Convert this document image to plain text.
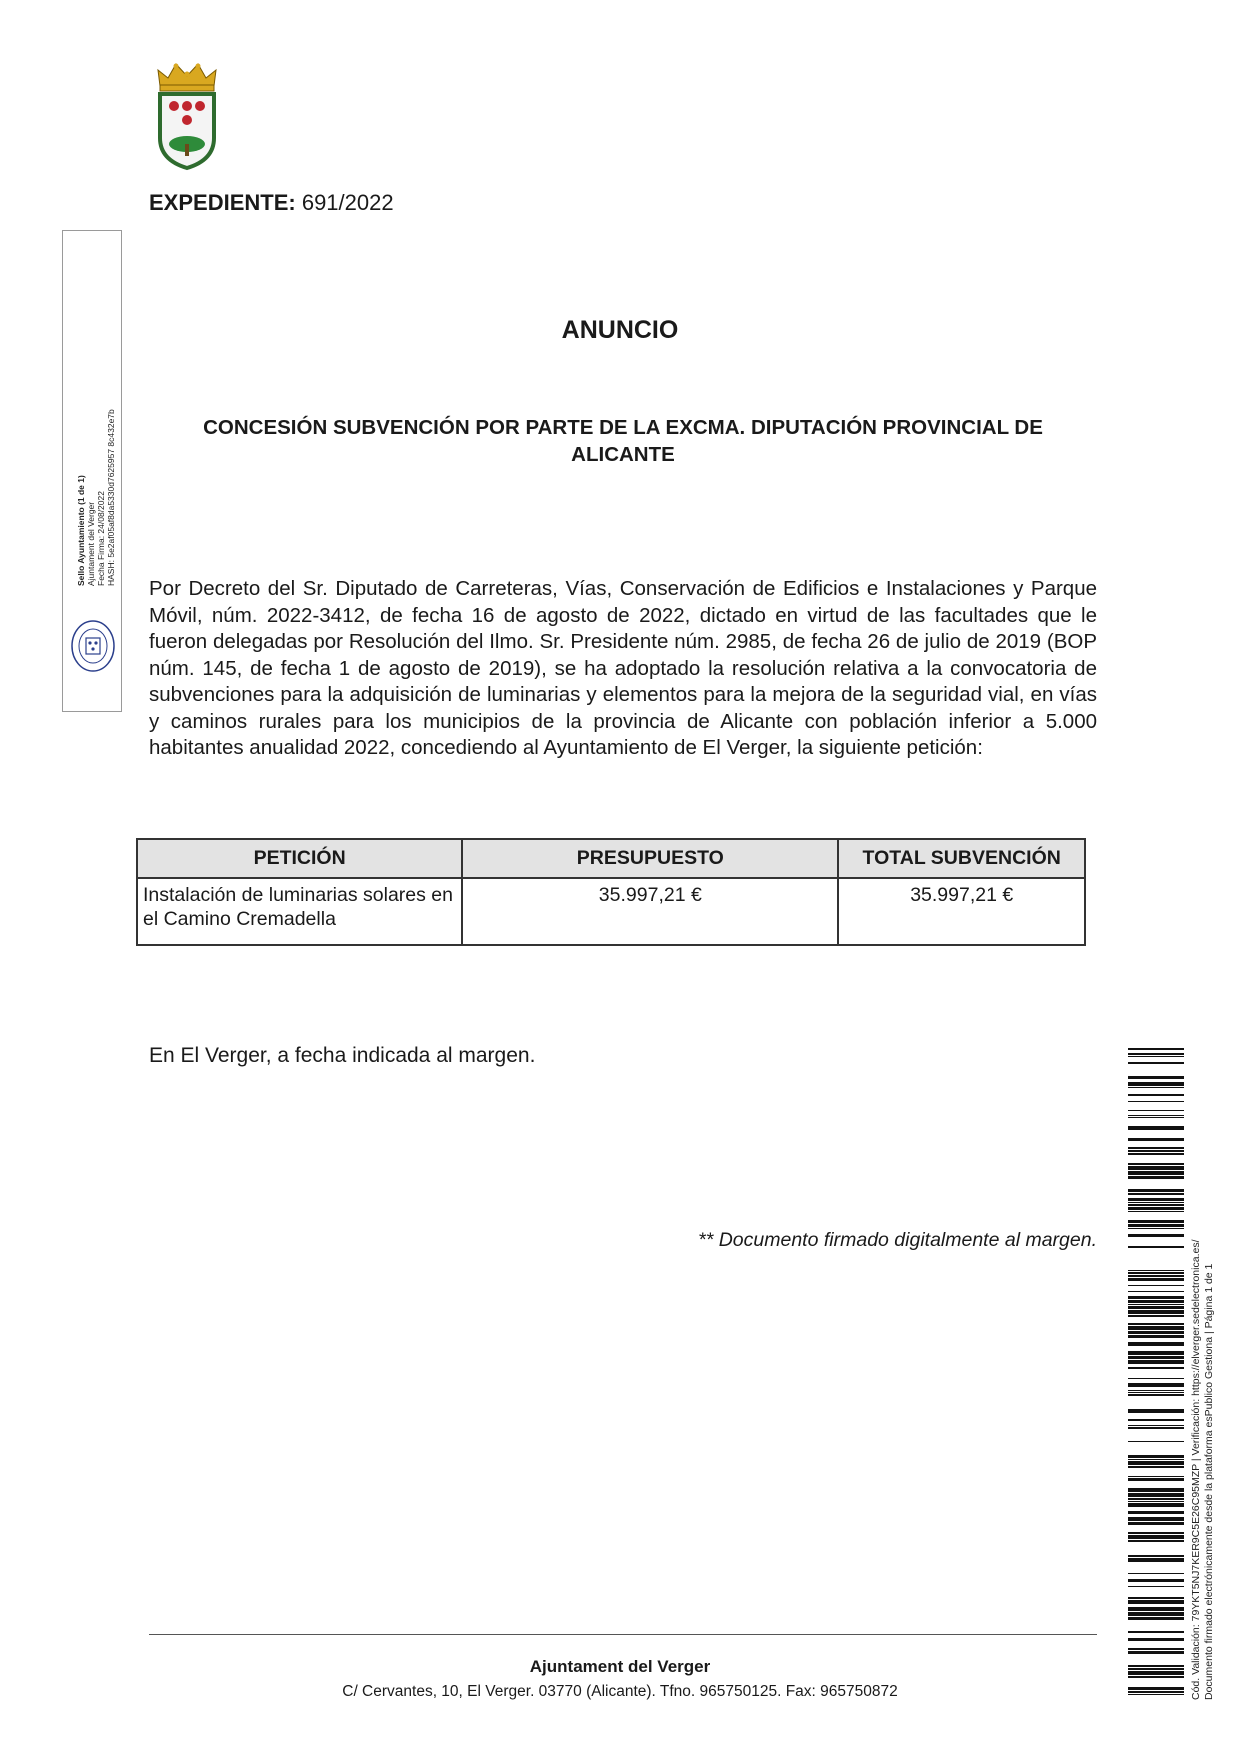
EXPEDIENTE: 691/2022
Sello Ayuntamiento (1 de 1) Ajuntament del Verger Fecha Firma: 24/08/2022 HASH: 5e2af05af8da5330d7625957 8c432e7b
ANUNCIO
CONCESIÓN SUBVENCIÓN POR PARTE DE LA EXCMA. DIPUTACIÓN PROVINCIAL DE ALICANTE
Por Decreto del Sr. Diputado de Carreteras, Vías, Conservación de Edificios e Instalaciones y Parque Móvil, núm. 2022-3412, de fecha 16 de agosto de 2022, dictado en virtud de las facultades que le fueron delegadas por Resolución del Ilmo. Sr. Presidente núm. 2985, de fecha 26 de julio de 2019 (BOP núm. 145, de fecha 1 de agosto de 2019), se ha adoptado la resolución relativa a la convocatoria de subvenciones para la adquisición de luminarias y elementos para la mejora de la seguridad vial, en vías y caminos rurales para los municipios de la provincia de Alicante con población inferior a 5.000 habitantes anualidad 2022, concediendo al Ayuntamiento de El Verger, la siguiente petición:
PETICIÓN	PRESUPUESTO	TOTAL SUBVENCIÓN
Instalación de luminarias solares en el Camino Cremadella	35.997,21 €	35.997,21 €
En El Verger, a fecha indicada al margen.
** Documento firmado digitalmente al margen.
Ajuntament del Verger
C/ Cervantes, 10, El Verger. 03770 (Alicante). Tfno. 965750125. Fax: 965750872	Cód. Validación: 79YKT5NJ7KER9C5E26C95MZP | Verificación: https://elverger.sedelectronica.es/ Documento firmado electrónicamente desde la plataforma esPublico Gestiona | Página 1 de 1
